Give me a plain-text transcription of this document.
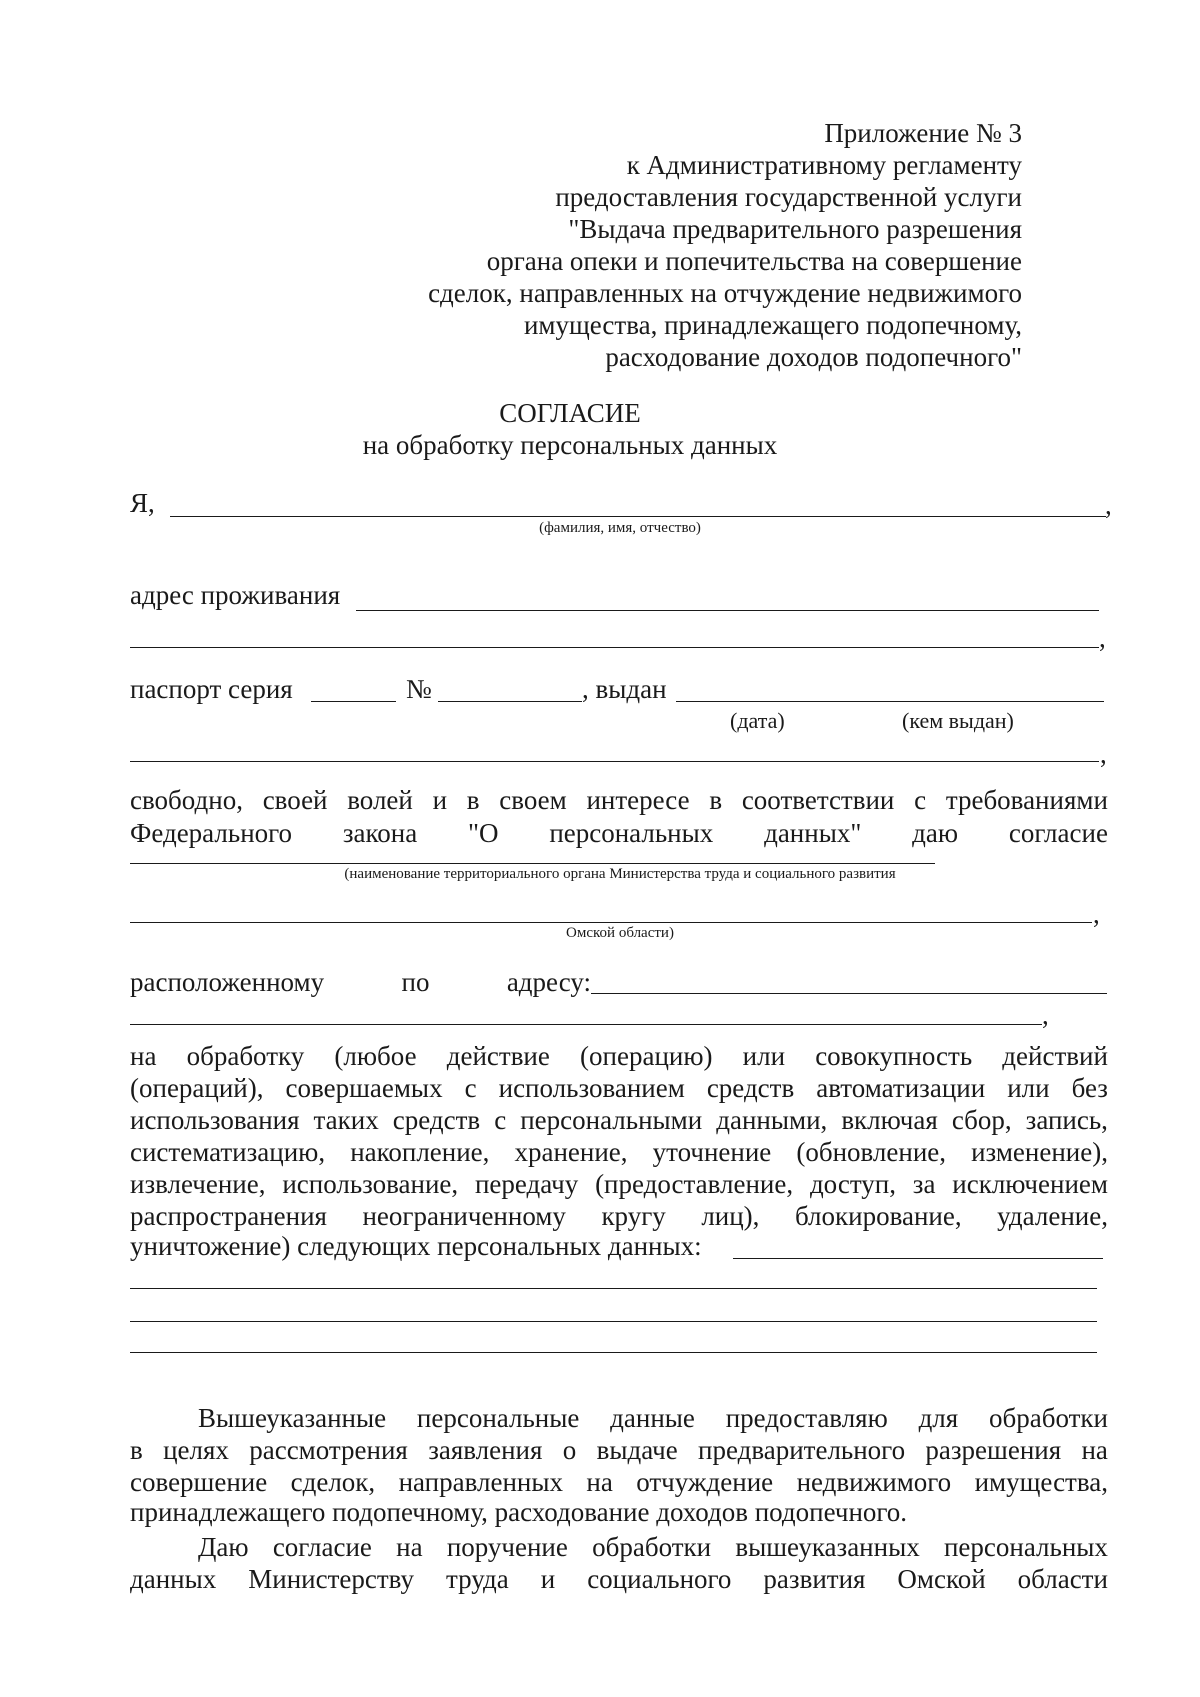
Приложение № 3
к Административному регламенту
предоставления государственной услуги
"Выдача предварительного разрешения
органа опеки и попечительства на совершение
сделок, направленных на отчуждение недвижимого
имущества, принадлежащего подопечному,
расходование доходов подопечного"
СОГЛАСИЕ
на обработку персональных данных
Я,	,
(фамилия, имя, отчество)
адрес проживания
,
паспорт серия	№	, выдан
(дата)	(кем выдан)
,
свободно, своей волей и в своем интересе в соответствии с требованиями
Федерального закона "О персональных данных" даю согласие
(наименование территориального органа Министерства труда и социального развития
,
Омской области)
расположенному	по	адресу:
,
на обработку (любое действие (операцию) или совокупность действий
(операций), совершаемых с использованием средств автоматизации или без
использования таких средств с персональными данными, включая сбор, запись,
систематизацию, накопление, хранение, уточнение (обновление, изменение),
извлечение, использование, передачу (предоставление, доступ, за исключением
распространения неограниченному кругу лиц), блокирование, удаление,
уничтожение) следующих персональных данных:
Вышеуказанные персональные данные предоставляю для обработки
в целях рассмотрения заявления о выдаче предварительного разрешения на
совершение сделок, направленных на отчуждение недвижимого имущества,
принадлежащего подопечному, расходование доходов подопечного.
Даю согласие на поручение обработки вышеуказанных персональных
данных Министерству труда и социального развития Омской области
